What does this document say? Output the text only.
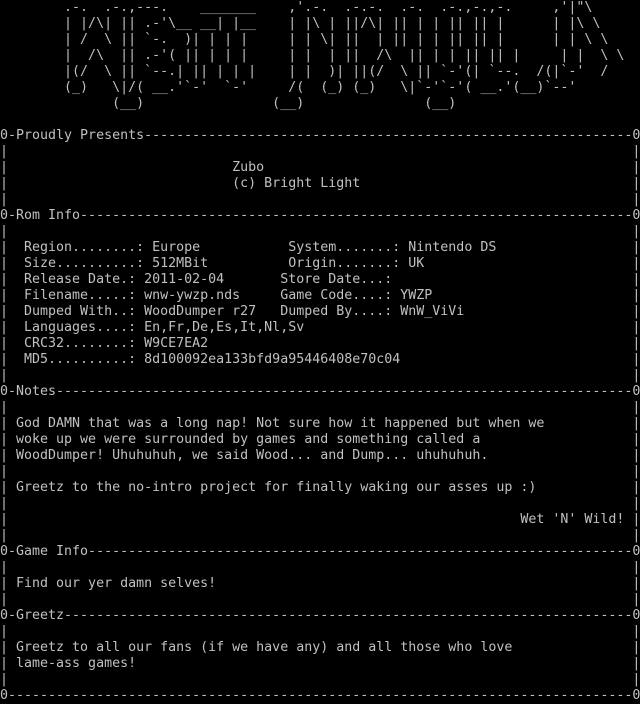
.-.  .-.,---.    _______    ,'.-.  .-.-.  .-.  .-.,-.,-.     ,'|"\
| |/\| || .-'\__ __| |__    | |\ | ||/\| || | | || || |      | |\ \
| /  \ || `-.  )| | | |     | | \| ||  | || | | || || |      | | \ \
|  /\  || .-'( || | | |     | |  | ||  /\  || | | || || |     | |  \ \
|(/  \ || `--.| || | | |    | |  )| ||(/  \ || `-'(| `--.  /(|`-'  /
(_)   \|/( __.'`-'  `-'     /(  (_) (_)   \|`-'`-'( __.'(__)`--'
(__)                (__)               (__)
0-Proudly Presents-------------------------------------------------------------0
|                                                                              |
|                            Zubo                                              |
|                            (c) Bright Light                                  |
|                                                                              |
0-Rom Info---------------------------------------------------------------------0
|                                                                              |
|  Region........: Europe           System.......: Nintendo DS                 |
|  Size..........: 512MBit          Origin.......: UK                          |
|  Release Date.: 2011-02-04       Store Date...:                              |
|  Filename.....: wnw-ywzp.nds     Game Code....: YWZP                         |
|  Dumped With..: WoodDumper r27   Dumped By....: WnW_ViVi                     |
|  Languages....: En,Fr,De,Es,It,Nl,Sv                                         |
|  CRC32........: W9CE7EA2                                                     |
|  MD5..........: 8d100092ea133bfd9a95446408e70c04                             |
|                                                                              |
0-Notes------------------------------------------------------------------------0
|                                                                              |
| God DAMN that was a long nap! Not sure how it happened but when we           |
| woke up we were surrounded by games and something called a                   |
| WoodDumper! Uhuhuhuh, we said Wood... and Dump... uhuhuhuh.                  |
|                                                                              |
| Greetz to the no-intro project for finally waking our asses up :)            |
|                                                                              |
|                                                                Wet 'N' Wild! |
|                                                                              |
0-Game Info--------------------------------------------------------------------0
|                                                                              |
| Find our yer damn selves!                                                    |
|                                                                              |
0-Greetz-----------------------------------------------------------------------0
|                                                                              |
| Greetz to all our fans (if we have any) and all those who love               |
| lame-ass games!                                                              |
|                                                                              |
0------------------------------------------------------------------------------0
